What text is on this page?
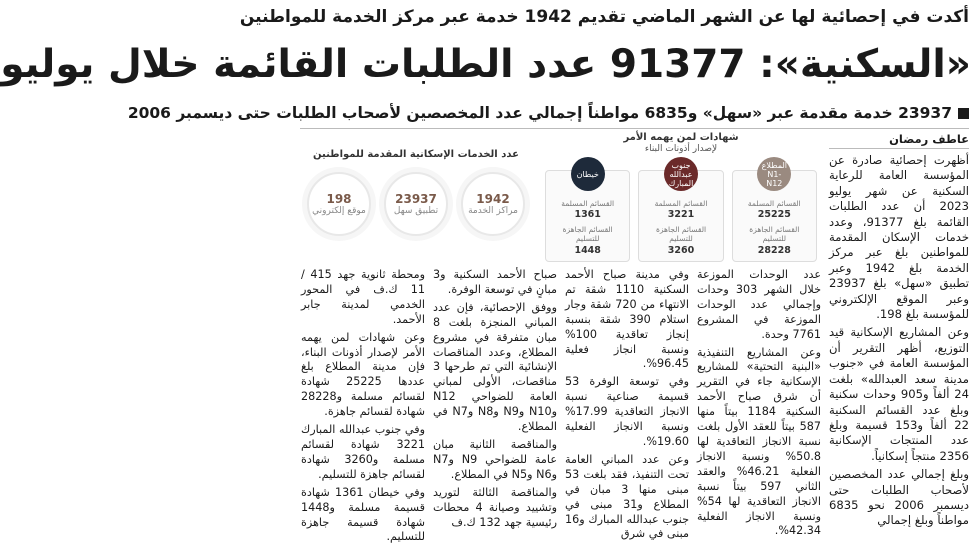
أكدت في إحصائية لها عن الشهر الماضي تقديم 1942 خدمة عبر مركز الخدمة للمواطنين
«السكنية»: 91377 عدد الطلبات القائمة خلال يوليو
23937 خدمة مقدمة عبر «سهل» و6835 مواطناً إجمالي عدد المخصصين لأصحاب الطلبات حتى ديسمبر 2006
عاطف رمضان

أظهرت إحصائية صادرة عن المؤسسة العامة للرعاية السكنية عن شهر يوليو 2023 أن عدد الطلبات القائمة بلغ 91377، وعدد خدمات الإسكان المقدمة للمواطنين بلغ عبر مركز الخدمة بلغ 1942 وعبر تطبيق «سهل» بلغ 23937 وعبر الموقع الإلكتروني للمؤسسة بلغ 198.

وعن المشاريع الإسكانية قيد التوزيع، أظهر التقرير أن المؤسسة العامة في «جنوب مدينة سعد العبدالله» بلغت 24 ألفاً و905 وحدات سكنية وبلغ عدد القسائم السكنية 22 ألفاً و153 قسيمة وبلغ عدد المنتجات الإسكانية 2356 منتجاً إسكانياً.

وبلغ إجمالي عدد المخصصين لأصحاب الطلبات حتى ديسمبر 2006 نحو 6835 مواطناً وبلغ إجمالي

شهادات لمن يهمه الأمر
لإصدار أذونات البناء
المطلاع N1-N12
القسائم المسلمة
25225
القسائم الجاهزة للتسليم
28228
جنوب عبدالله المبارك
القسائم المسلمة
3221
القسائم الجاهزة للتسليم
3260
خيطان
القسائم المسلمة
1361
القسائم الجاهزة للتسليم
1448
عدد الخدمات الإسكانية المقدمة للمواطنين
1942
مراكز الخدمة
23937
تطبيق سهل
198
موقع إلكتروني

عدد الوحدات الموزعة خلال الشهر 303 وحدات وإجمالي عدد الوحدات الموزعة في المشروع 7761 وحدة.

وعن المشاريع التنفيذية «البنية التحتية» للمشاريع الإسكانية جاء في التقرير أن شرق صباح الأحمد السكنية 1184 بيتاً منها 587 بيتاً للعقد الأول بلغت نسبة الانجاز التعاقدية لها 50.8% ونسبة الانجاز الفعلية 46.21% والعقد الثاني 597 بيتاً نسبة الانجاز التعاقدية لها 54% ونسبة الانجاز الفعلية 42.34%.

وفي مدينة صباح الأحمد السكنية 1110 شقة تم الانتهاء من 720 شقة وجار استلام 390 شقة بنسبة إنجاز تعاقدية 100% ونسبة انجاز فعلية 96.45%.

وفي توسعة الوفرة 53 قسيمة صناعية نسبة الانجاز التعاقدية 17.99% ونسبة الانجاز الفعلية 19.60%.

وعن عدد المباني العامة تحت التنفيذ، فقد بلغت 53 مبنى منها 3 مبان في المطلاع و31 مبنى في جنوب عبدالله المبارك و16 مبنى في شرق

صباح الأحمد السكنية و3 مبانٍ في توسعة الوفرة.

ووفق الإحصائية، فإن عدد المباني المنجزة بلغت 8 مبان متفرقة في مشروع المطلاع، وعدد المناقصات الإنشائية التي تم طرحها 3 مناقصات، الأولى لمباني العامة للضواحي N12 وN10 وN9 وN8 وN7 في المطلاع.

والمناقصة الثانية مبان عامة للضواحي N9 وN7 وN6 وN5 في المطلاع.

والمناقصة الثالثة لتوريد وتشييد وصيانة 4 محطات رئيسية جهد 132 ك.ف

ومحطة ثانوية جهد 415 / 11 ك.ف في المحور الخدمي لمدينة جابر الأحمد.

وعن شهادات لمن يهمه الأمر لإصدار أذونات البناء، فإن مدينة المطلاع بلغ عددها 25225 شهادة لقسائم مسلمة و28228 شهادة لقسائم جاهزة.

وفي جنوب عبدالله المبارك 3221 شهادة لقسائم مسلمة و3260 شهادة لقسائم جاهزة للتسليم.

وفي خيطان 1361 شهادة قسيمة مسلمة و1448 شهادة قسيمة جاهزة للتسليم.
